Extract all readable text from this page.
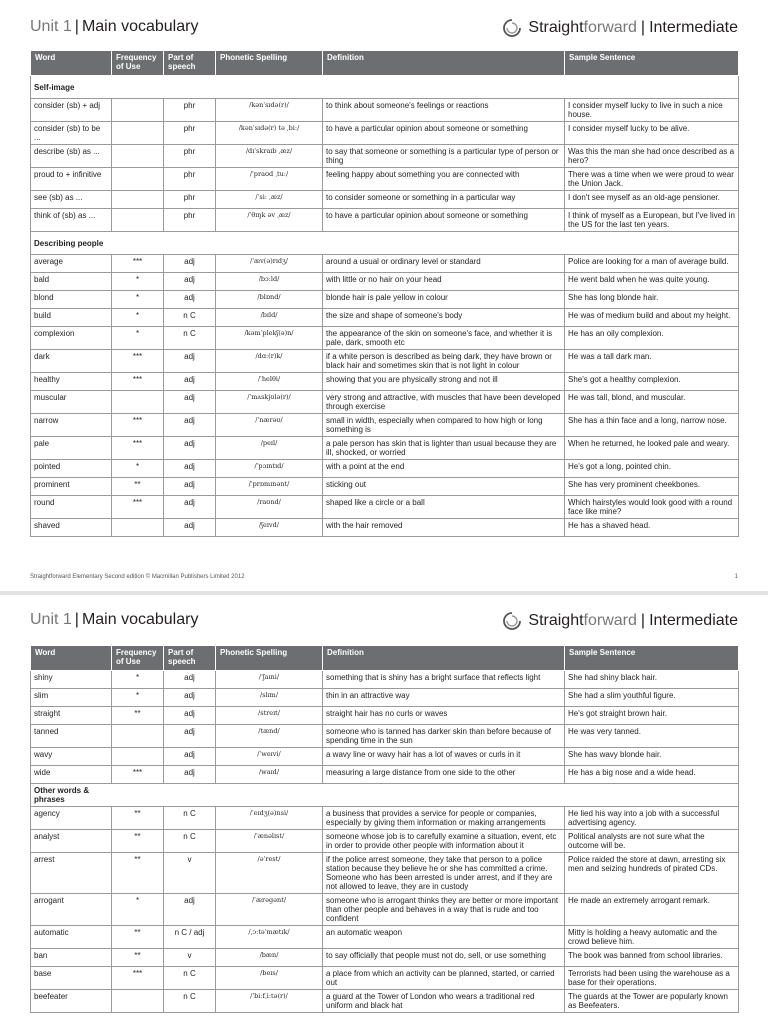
Unit 1 | Main vocabulary	Straight forward | Intermediate
Word	Frequency of Use	Part of speech	Phonetic Spelling	Definition	Sample Sentence
Self-image					
consider (sb) + adj		phr	/kənˈsɪdə(r)/	to think about someone's feelings or reactions	I consider myself lucky to live in such a nice house.
consider (sb) to be ...		phr	/kənˈsɪdə(r) tə ˌbiː/	to have a particular opinion about someone or something	I consider myself lucky to be alive.
describe (sb) as ...		phr	/dɪˈskraɪb ˌæz/	to say that someone or something is a particular type of person or thing	Was this the man she had once described as a hero?
proud to + infinitive		phr	/ˈpraʊd ˌtuː/	feeling happy about something you are connected with	There was a time when we were proud to wear the Union Jack.
see (sb) as ...		phr	/ˈsiː ˌæz/	to consider someone or something in a particular way	I don't see myself as an old-age pensioner.
think of (sb) as ...		phr	/ˈθɪŋk əv ˌæz/	to have a particular opinion about someone or something	I think of myself as a European, but I've lived in the US for the last ten years.
Describing people					
average	***	adj	/ˈæv(ə)rɪdʒ/	around a usual or ordinary level or standard	Police are looking for a man of average build.
bald	*	adj	/bɔːld/	with little or no hair on your head	He went bald when he was quite young.
blond	*	adj	/blɒnd/	blonde hair is pale yellow in colour	She has long blonde hair.
build	*	n C	/bɪld/	the size and shape of someone's body	He was of medium build and about my height.
complexion	*	n C	/kəmˈplekʃ(ə)n/	the appearance of the skin on someone's face, and whether it is pale, dark, smooth etc	He has an oily complexion.
dark	***	adj	/dɑː(r)k/	if a white person is described as being dark, they have brown or black hair and sometimes skin that is not light in colour	He was a tall dark man.
healthy	***	adj	/ˈhelθi/	showing that you are physically strong and not ill	She's got a healthy complexion.
muscular		adj	/ˈmʌskjʊlə(r)/	very strong and attractive, with muscles that have been developed through exercise	He was tall, blond, and muscular.
narrow	***	adj	/ˈnærəʊ/	small in width, especially when compared to how high or long something is	She has a thin face and a long, narrow nose.
pale	***	adj	/peɪl/	a pale person has skin that is lighter than usual because they are ill, shocked, or worried	When he returned, he looked pale and weary.
pointed	*	adj	/ˈpɔɪntɪd/	with a point at the end	He's got a long, pointed chin.
prominent	**	adj	/ˈprɒmɪnənt/	sticking out	She has very prominent cheekbones.
round	***	adj	/raʊnd/	shaped like a circle or a ball	Which hairstyles would look good with a round face like mine?
shaved		adj	/ʃeɪvd/	with the hair removed	He has a shaved head.
Straightforward Elementary Second edition © Macmillan Publishers Limited 2012	1
Unit 1 | Main vocabulary	Straight forward | Intermediate
Word	Frequency of Use	Part of speech	Phonetic Spelling	Definition	Sample Sentence
shiny	*	adj	/ˈʃaɪni/	something that is shiny has a bright surface that reflects light	She had shiny black hair.
slim	*	adj	/slɪm/	thin in an attractive way	She had a slim youthful figure.
straight	**	adj	/streɪt/	straight hair has no curls or waves	He's got straight brown hair.
tanned		adj	/tænd/	someone who is tanned has darker skin than before because of spending time in the sun	He was very tanned.
wavy		adj	/ˈweɪvi/	a wavy line or wavy hair has a lot of waves or curls in it	She has wavy blonde hair.
wide	***	adj	/waɪd/	measuring a large distance from one side to the other	He has a big nose and a wide head.
Other words & phrases					
agency	**	n C	/ˈeɪdʒ(ə)nsi/	a business that provides a service for people or companies, especially by giving them information or making arrangements	He lied his way into a job with a successful advertising agency.
analyst	**	n C	/ˈænəlɪst/	someone whose job is to carefully examine a situation, event, etc in order to provide other people with information about it	Political analysts are not sure what the outcome will be.
arrest	**	v	/əˈrest/	if the police arrest someone, they take that person to a police station because they believe he or she has committed a crime. Someone who has been arrested is under arrest, and if they are not allowed to leave, they are in custody	Police raided the store at dawn, arresting six men and seizing hundreds of pirated CDs.
arrogant	*	adj	/ˈærəgənt/	someone who is arrogant thinks they are better or more important than other people and behaves in a way that is rude and too confident	He made an extremely arrogant remark.
automatic	**	n C / adj	/ˌɔːtəˈmætɪk/	an automatic weapon	Mitty is holding a heavy automatic and the crowd believe him.
ban	**	v	/bæn/	to say officially that people must not do, sell, or use something	The book was banned from school libraries.
base	***	n C	/beɪs/	a place from which an activity can be planned, started, or carried out	Terrorists had been using the warehouse as a base for their operations.
beefeater		n C	/ˈbiːfˌiːtə(r)/	a guard at the Tower of London who wears a traditional red uniform and black hat	The guards at the Tower are popularly known as Beefeaters.
